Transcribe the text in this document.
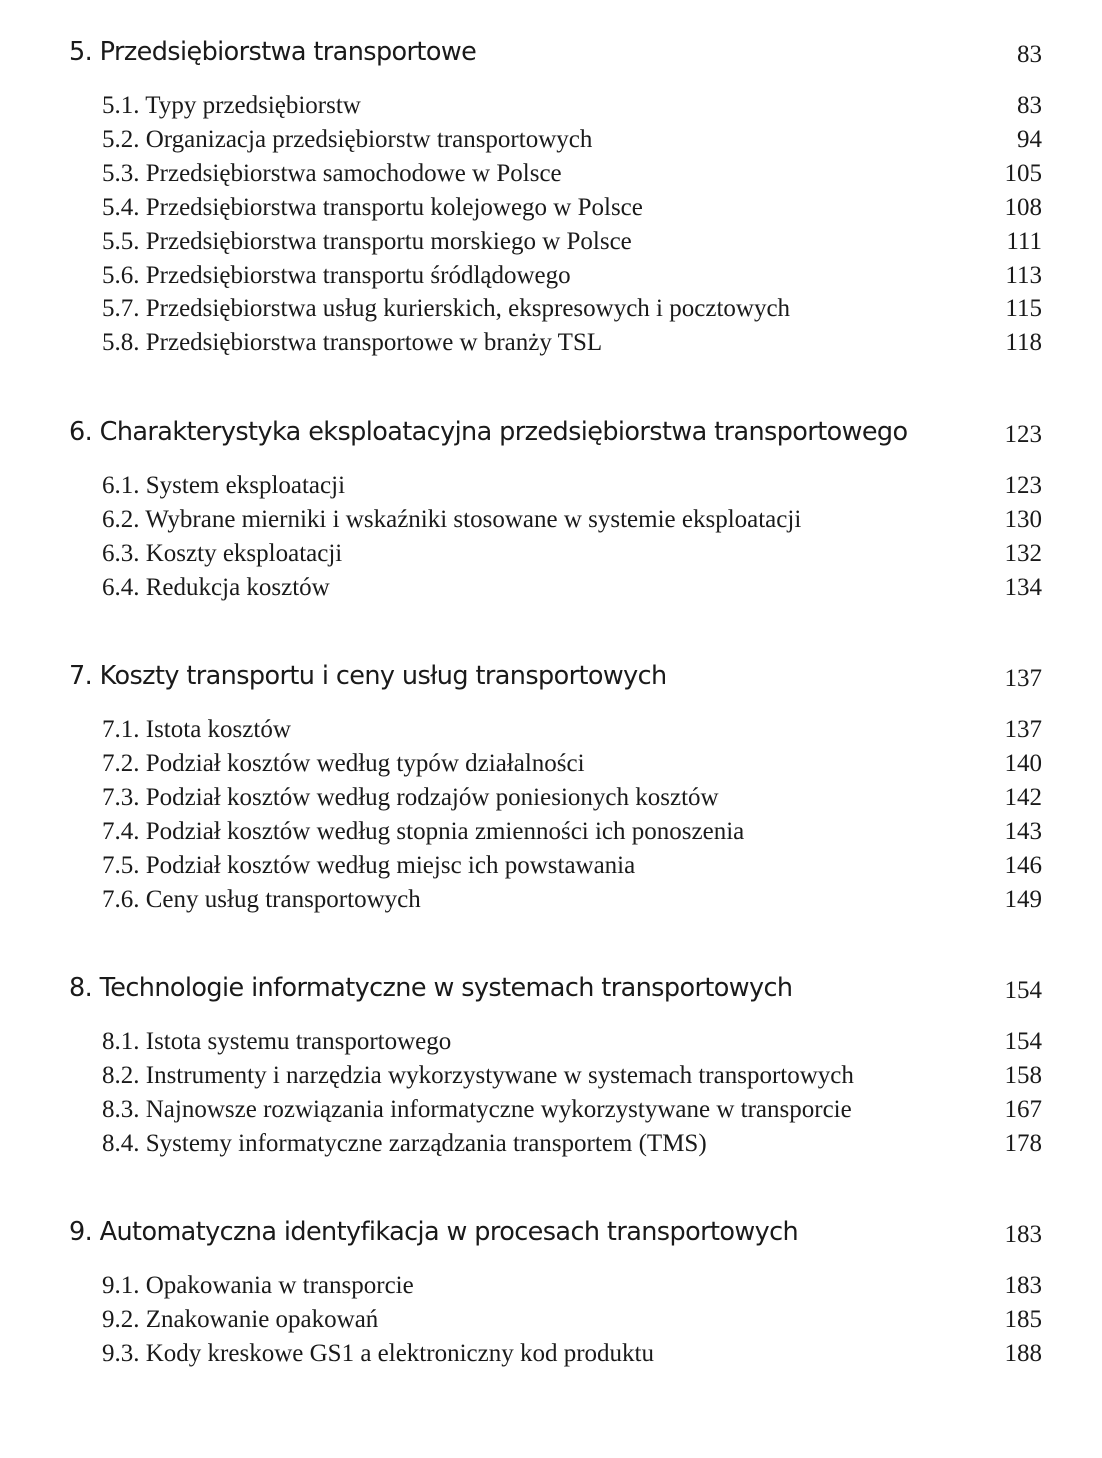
5. Przedsiębiorstwa transportowe	83
5.1. Typy przedsiębiorstw	83
5.2. Organizacja przedsiębiorstw transportowych	94
5.3. Przedsiębiorstwa samochodowe w Polsce	105
5.4. Przedsiębiorstwa transportu kolejowego w Polsce	108
5.5. Przedsiębiorstwa transportu morskiego w Polsce	111
5.6. Przedsiębiorstwa transportu śródlądowego	113
5.7. Przedsiębiorstwa usług kurierskich, ekspresowych i pocztowych	115
5.8. Przedsiębiorstwa transportowe w branży TSL	118
6. Charakterystyka eksploatacyjna przedsiębiorstwa transportowego	123
6.1. System eksploatacji	123
6.2. Wybrane mierniki i wskaźniki stosowane w systemie eksploatacji	130
6.3. Koszty eksploatacji	132
6.4. Redukcja kosztów	134
7. Koszty transportu i ceny usług transportowych	137
7.1. Istota kosztów	137
7.2. Podział kosztów według typów działalności	140
7.3. Podział kosztów według rodzajów poniesionych kosztów	142
7.4. Podział kosztów według stopnia zmienności ich ponoszenia	143
7.5. Podział kosztów według miejsc ich powstawania	146
7.6. Ceny usług transportowych	149
8. Technologie informatyczne w systemach transportowych	154
8.1. Istota systemu transportowego	154
8.2. Instrumenty i narzędzia wykorzystywane w systemach transportowych	158
8.3. Najnowsze rozwiązania informatyczne wykorzystywane w transporcie	167
8.4. Systemy informatyczne zarządzania transportem (TMS)	178
9. Automatyczna identyfikacja w procesach transportowych	183
9.1. Opakowania w transporcie	183
9.2. Znakowanie opakowań	185
9.3. Kody kreskowe GS1 a elektroniczny kod produktu	188
